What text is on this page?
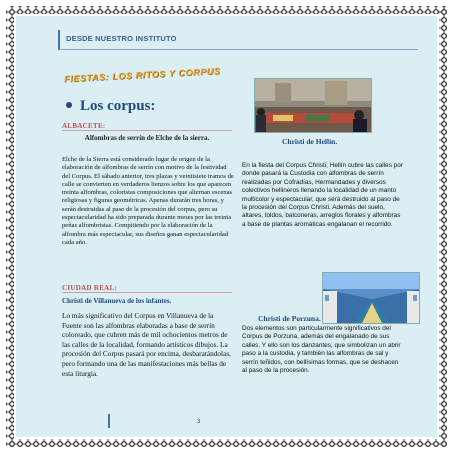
DESDE NUESTRO INSTITUTO
FIESTAS: LOS RITOS Y CORPUS
Los corpus:
ALBACETE:
Alfombras de serrín de Elche de la sierra.
Elche de la Sierra está considerado lugar de origen de la elaboración de alfombras de serrín con motivo de la festividad del Corpus. El sábado anterior, tres plazas y veintisiete tramos de calle se convierten en verdaderos lienzos sobre los que aparecen treinta alfombras, coloristas composiciones que alternan escenas religiosas y figuras geométricas. Apenas durarán tres horas, y serán destruidas al paso de la procesión del corpus, pero su espectacularidad ha sido preparada durante meses por las treinta peñas alfombristas. Compitiendo por la elaboración de la alfombra más espectacular, sus diseños ganan espectacularidad cada año.
Christi de Hellín.
En la fiesta del Corpus Christi, Hellín cubre las calles por donde pasará la Custodia con alfombras de serrín realizadas por Cofradías, Hermandades y diversos colectivos hellineros llenando la localidad de un manto multicolor y espectacular, que será destruido al paso de la procesión del Corpus Christi. Además del suelo, altares, toldos, balconeras, arreglos florales y alfombras a base de plantas aromáticas engalanan el recorrido.
CIUDAD REAL:
Christi de Villanueva de los infantes.
Lo más significativo del Corpus en Villanueva de la Fuente son las alfombras elaboradas a base de serrín coloreado, que cubren más de mil ochocientos metros de las calles de la localidad, formando artísticos dibujos. La procesión del Corpus pasará por encima, desbaratándolas, pero formando una de las manifestaciones más bellas de esta liturgia.
Christi de Porzuna.
Dos elementos son particularmente significativos del Corpus de Porzuna, además del engalanado de sus calles. Y ello son los danzantes, que simbolizan un abrir paso a la custodia, y también las alfombras de sal y serrín teñidos, con bellísimas formas, que se deshacen al paso de la procesión.
3
